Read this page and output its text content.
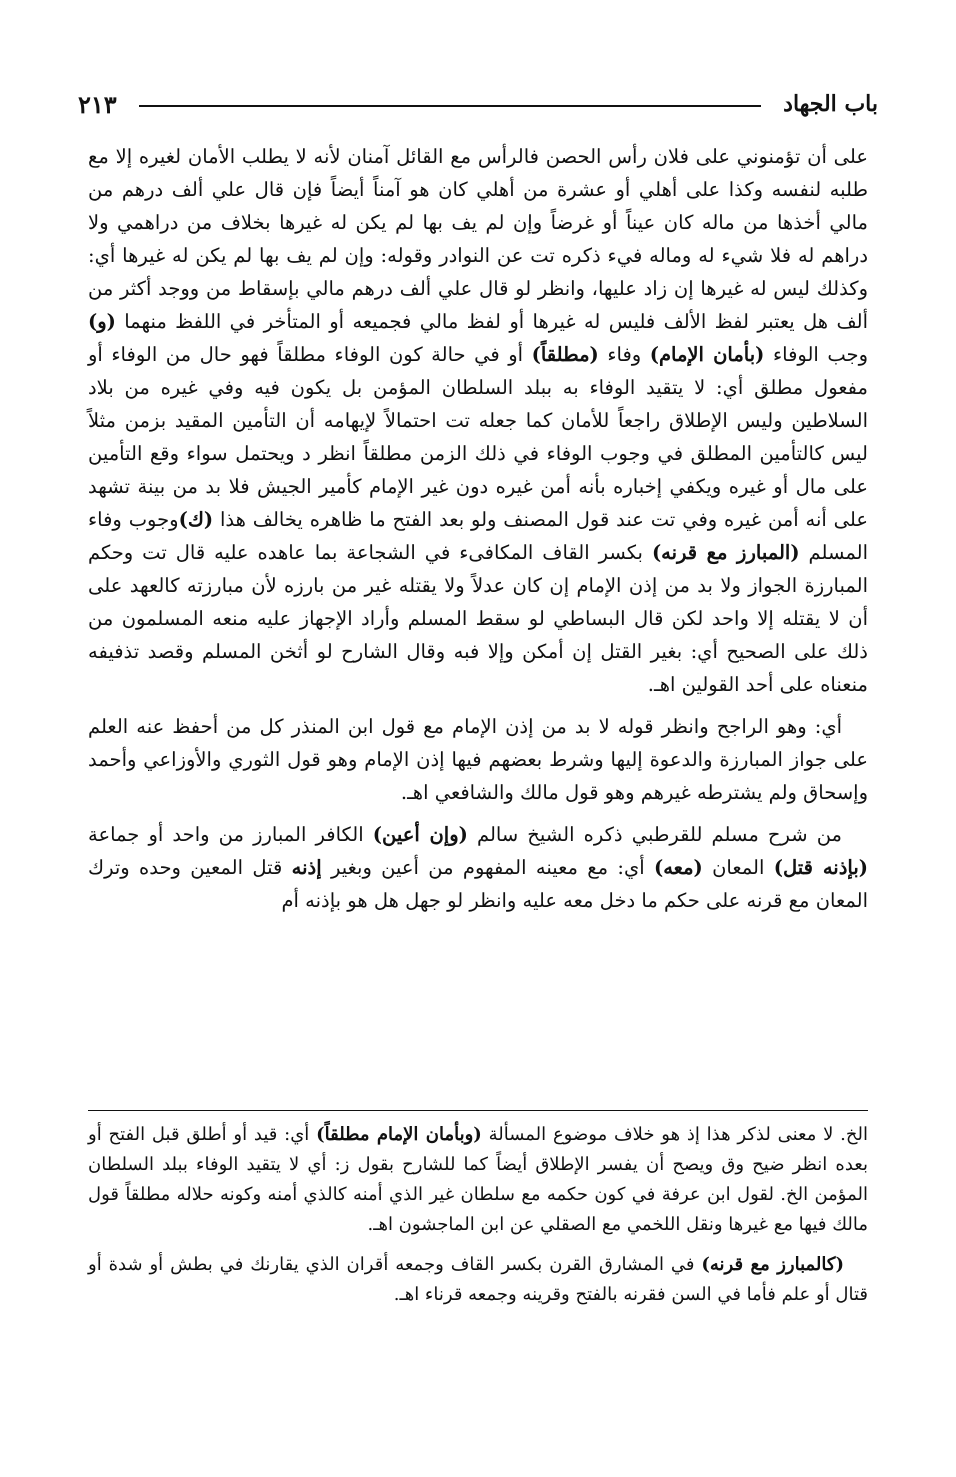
٢١٣	باب الجهاد

على أن تؤمنوني على فلان رأس الحصن فالرأس مع القائل آمنان لأنه لا يطلب الأمان لغيره إلا مع طلبه لنفسه وكذا على أهلي أو عشرة من أهلي كان هو آمناً أيضاً فإن قال علي ألف درهم من مالي أخذها من ماله كان عيناً أو غرضاً وإن لم يف بها لم يكن له غيرها بخلاف من دراهمي ولا دراهم له فلا شيء له وماله فيء ذكره تت عن النوادر وقوله: وإن لم يف بها لم يكن له غيرها أي: وكذلك ليس له غيرها إن زاد عليها، وانظر لو قال علي ألف درهم مالي بإسقاط من ووجد أكثر من ألف هل يعتبر لفظ الألف فليس له غيرها أو لفظ مالي فجميعه أو المتأخر في اللفظ منهما (و) وجب الوفاء (بأمان الإمام) وفاء (مطلقاً) أو في حالة كون الوفاء مطلقاً فهو حال من الوفاء أو مفعول مطلق أي: لا يتقيد الوفاء به ببلد السلطان المؤمن بل يكون فيه وفي غيره من بلاد السلاطين وليس الإطلاق راجعاً للأمان كما جعله تت احتمالاً لإيهامه أن التأمين المقيد بزمن مثلاً ليس كالتأمين المطلق في وجوب الوفاء في ذلك الزمن مطلقاً انظر د ويحتمل سواء وقع التأمين على مال أو غيره ويكفي إخباره بأنه أمن غيره دون غير الإمام كأمير الجيش فلا بد من بينة تشهد على أنه أمن غيره وفي تت عند قول المصنف ولو بعد الفتح ما ظاهره يخالف هذا (ك)وجوب وفاء المسلم (المبارز مع قرنه) بكسر القاف المكافىء في الشجاعة بما عاهده عليه قال تت وحكم المبارزة الجواز ولا بد من إذن الإمام إن كان عدلاً ولا يقتله غير من بارزه لأن مبارزته كالعهد على أن لا يقتله إلا واحد لكن قال البساطي لو سقط المسلم وأراد الإجهاز عليه منعه المسلمون من ذلك على الصحيح أي: بغير القتل إن أمكن وإلا فبه وقال الشارح لو أثخن المسلم وقصد تذفيفه منعناه على أحد القولين اهـ.

أي: وهو الراجح وانظر قوله لا بد من إذن الإمام مع قول ابن المنذر كل من أحفظ عنه العلم على جواز المبارزة والدعوة إليها وشرط بعضهم فيها إذن الإمام وهو قول الثوري والأوزاعي وأحمد وإسحاق ولم يشترطه غيرهم وهو قول مالك والشافعي اهـ.

من شرح مسلم للقرطبي ذكره الشيخ سالم (وإن أعين) الكافر المبارز من واحد أو جماعة (بإذنه قتل) المعان (معه) أي: مع معينه المفهوم من أعين وبغير إذنه قتل المعين وحده وترك المعان مع قرنه على حكم ما دخل معه عليه وانظر لو جهل هل هو بإذنه أم

الخ. لا معنى لذكر هذا إذ هو خلاف موضوع المسألة (وبأمان الإمام مطلقاً) أي: قيد أو أطلق قبل الفتح أو بعده انظر ضيح وق ويصح أن يفسر الإطلاق أيضاً كما للشارح بقول ز: أي لا يتقيد الوفاء ببلد السلطان المؤمن الخ. لقول ابن عرفة في كون حكمه مع سلطان غير الذي أمنه كالذي أمنه وكونه حلاله مطلقاً قول مالك فيها مع غيرها ونقل اللخمي مع الصقلي عن ابن الماجشون اهـ.

(كالمبارز مع قرنه) في المشارق القرن بكسر القاف وجمعه أقران الذي يقارنك في بطش أو شدة أو قتال أو علم فأما في السن فقرنه بالفتح وقرينه وجمعه قرناء اهـ.
